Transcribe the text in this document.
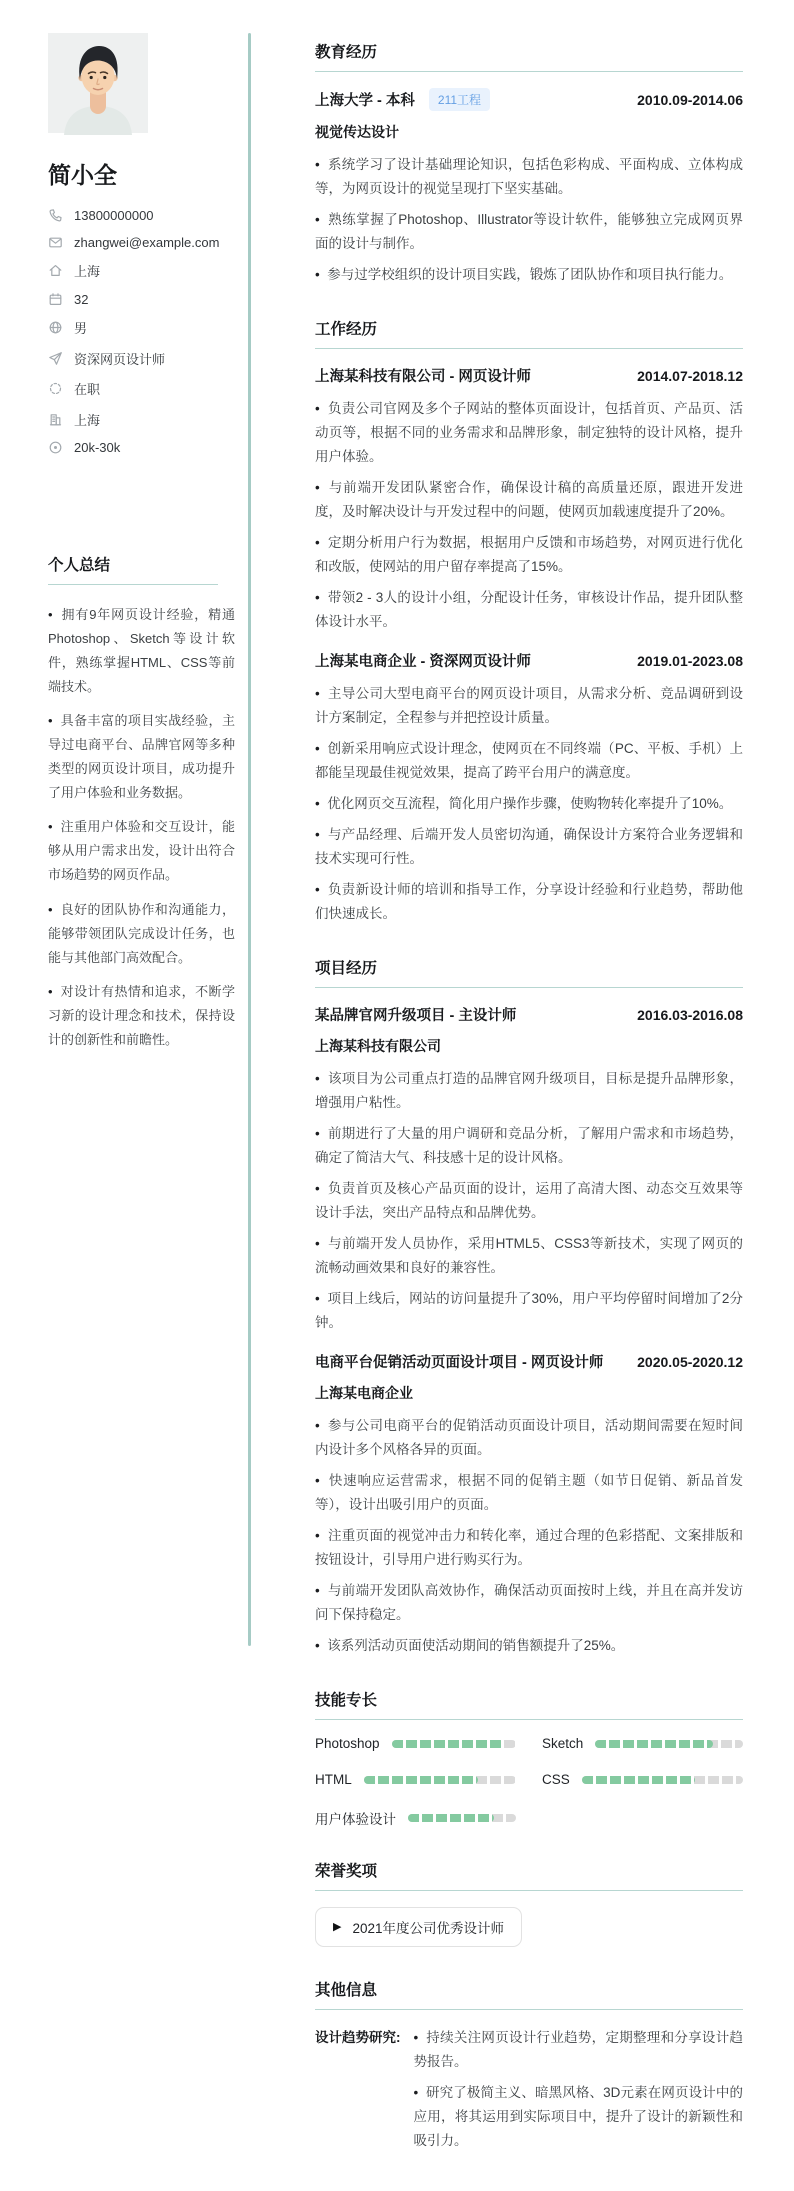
简小全
13800000000
zhangwei@example.com
上海
32
男
资深网页设计师
在职
上海
20k-30k
个人总结
•  拥有9年网页设计经验，精通Photoshop、Sketch等设计软件，熟练掌握HTML、CSS等前端技术。
•  具备丰富的项目实战经验，主导过电商平台、品牌官网等多种类型的网页设计项目，成功提升了用户体验和业务数据。
•  注重用户体验和交互设计，能够从用户需求出发，设计出符合市场趋势的网页作品。
•  良好的团队协作和沟通能力，能够带领团队完成设计任务，也能与其他部门高效配合。
•  对设计有热情和追求，不断学习新的设计理念和技术，保持设计的创新性和前瞻性。
教育经历
上海大学 - 本科	211工程	2010.09-2014.06
视觉传达设计
•  系统学习了设计基础理论知识，包括色彩构成、平面构成、立体构成等，为网页设计的视觉呈现打下坚实基础。
•  熟练掌握了Photoshop、Illustrator等设计软件，能够独立完成网页界面的设计与制作。
•  参与过学校组织的设计项目实践，锻炼了团队协作和项目执行能力。
工作经历
上海某科技有限公司 - 网页设计师	2014.07-2018.12
•  负责公司官网及多个子网站的整体页面设计，包括首页、产品页、活动页等，根据不同的业务需求和品牌形象，制定独特的设计风格，提升用户体验。
•  与前端开发团队紧密合作，确保设计稿的高质量还原，跟进开发进度，及时解决设计与开发过程中的问题，使网页加载速度提升了20%。
•  定期分析用户行为数据，根据用户反馈和市场趋势，对网页进行优化和改版，使网站的用户留存率提高了15%。
•  带领2 - 3人的设计小组，分配设计任务，审核设计作品，提升团队整体设计水平。
上海某电商企业 - 资深网页设计师	2019.01-2023.08
•  主导公司大型电商平台的网页设计项目，从需求分析、竞品调研到设计方案制定，全程参与并把控设计质量。
•  创新采用响应式设计理念，使网页在不同终端（PC、平板、手机）上都能呈现最佳视觉效果，提高了跨平台用户的满意度。
•  优化网页交互流程，简化用户操作步骤，使购物转化率提升了10%。
•  与产品经理、后端开发人员密切沟通，确保设计方案符合业务逻辑和技术实现可行性。
•  负责新设计师的培训和指导工作，分享设计经验和行业趋势，帮助他们快速成长。
项目经历
某品牌官网升级项目 - 主设计师	2016.03-2016.08
上海某科技有限公司
•  该项目为公司重点打造的品牌官网升级项目，目标是提升品牌形象，增强用户粘性。
•  前期进行了大量的用户调研和竞品分析，了解用户需求和市场趋势，确定了简洁大气、科技感十足的设计风格。
•  负责首页及核心产品页面的设计，运用了高清大图、动态交互效果等设计手法，突出产品特点和品牌优势。
•  与前端开发人员协作，采用HTML5、CSS3等新技术，实现了网页的流畅动画效果和良好的兼容性。
•  项目上线后，网站的访问量提升了30%，用户平均停留时间增加了2分钟。
电商平台促销活动页面设计项目 - 网页设计师 2020.05-2020.12
上海某电商企业
•  参与公司电商平台的促销活动页面设计项目，活动期间需要在短时间内设计多个风格各异的页面。
•  快速响应运营需求，根据不同的促销主题（如节日促销、新品首发等），设计出吸引用户的页面。
•  注重页面的视觉冲击力和转化率，通过合理的色彩搭配、文案排版和按钮设计，引导用户进行购买行为。
•  与前端开发团队高效协作，确保活动页面按时上线，并且在高并发访问下保持稳定。
•  该系列活动页面使活动期间的销售额提升了25%。
技能专长
Photoshop	Sketch
HTML	CSS
用户体验设计
荣誉奖项
▶ 2021年度公司优秀设计师
其他信息
设计趋势研究:	•  持续关注网页设计行业趋势，定期整理和分享设计趋势报告。
•  研究了极简主义、暗黑风格、3D元素在网页设计中的应用，将其运用到实际项目中，提升了设计的新颖性和吸引力。
